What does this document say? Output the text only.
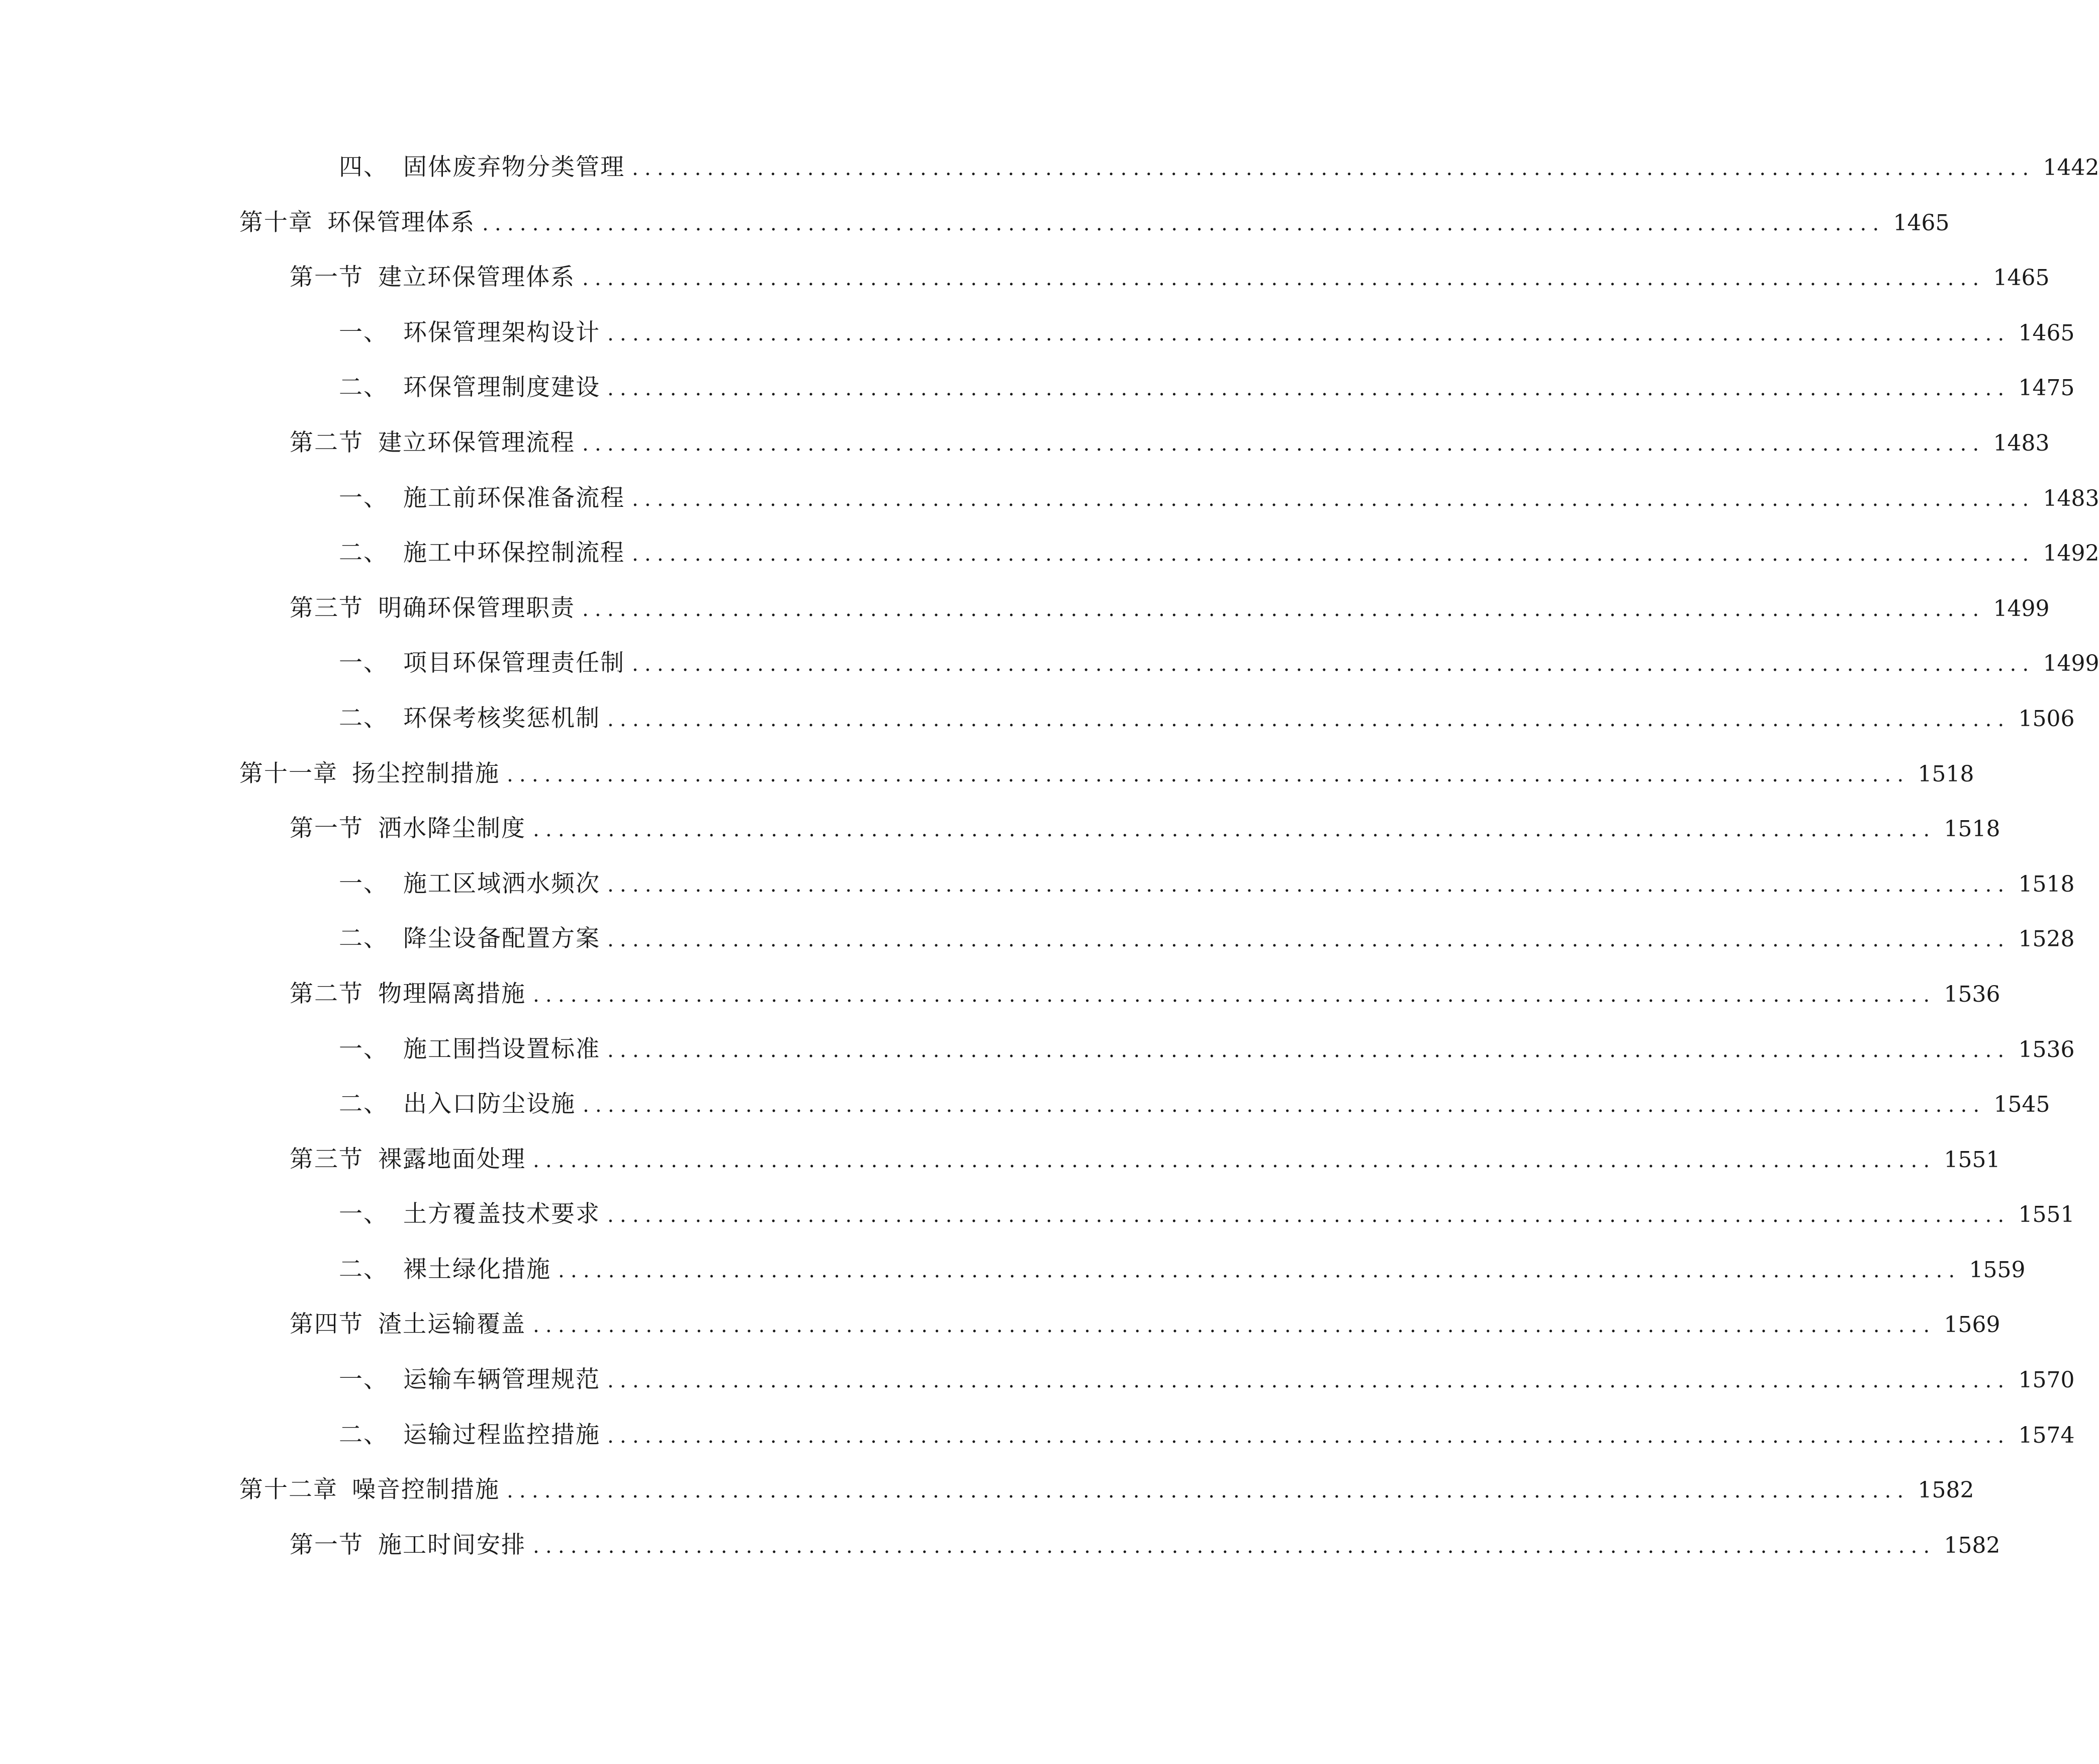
四、 固体废弃物分类管理 ................................................................................................................ 1442
第十章 环保管理体系 ................................................................................................................ 1465
第一节 建立环保管理体系 ................................................................................................................ 1465
一、 环保管理架构设计 ................................................................................................................ 1465
二、 环保管理制度建设 ................................................................................................................ 1475
第二节 建立环保管理流程 ................................................................................................................ 1483
一、 施工前环保准备流程 ................................................................................................................ 1483
二、 施工中环保控制流程 ................................................................................................................ 1492
第三节 明确环保管理职责 ................................................................................................................ 1499
一、 项目环保管理责任制 ................................................................................................................ 1499
二、 环保考核奖惩机制 ................................................................................................................ 1506
第十一章 扬尘控制措施 ................................................................................................................ 1518
第一节 洒水降尘制度 ................................................................................................................ 1518
一、 施工区域洒水频次 ................................................................................................................ 1518
二、 降尘设备配置方案 ................................................................................................................ 1528
第二节 物理隔离措施 ................................................................................................................ 1536
一、 施工围挡设置标准 ................................................................................................................ 1536
二、 出入口防尘设施 ................................................................................................................ 1545
第三节 裸露地面处理 ................................................................................................................ 1551
一、 土方覆盖技术要求 ................................................................................................................ 1551
二、 裸土绿化措施 ................................................................................................................ 1559
第四节 渣土运输覆盖 ................................................................................................................ 1569
一、 运输车辆管理规范 ................................................................................................................ 1570
二、 运输过程监控措施 ................................................................................................................ 1574
第十二章 噪音控制措施 ................................................................................................................ 1582
第一节 施工时间安排 ................................................................................................................ 1582
